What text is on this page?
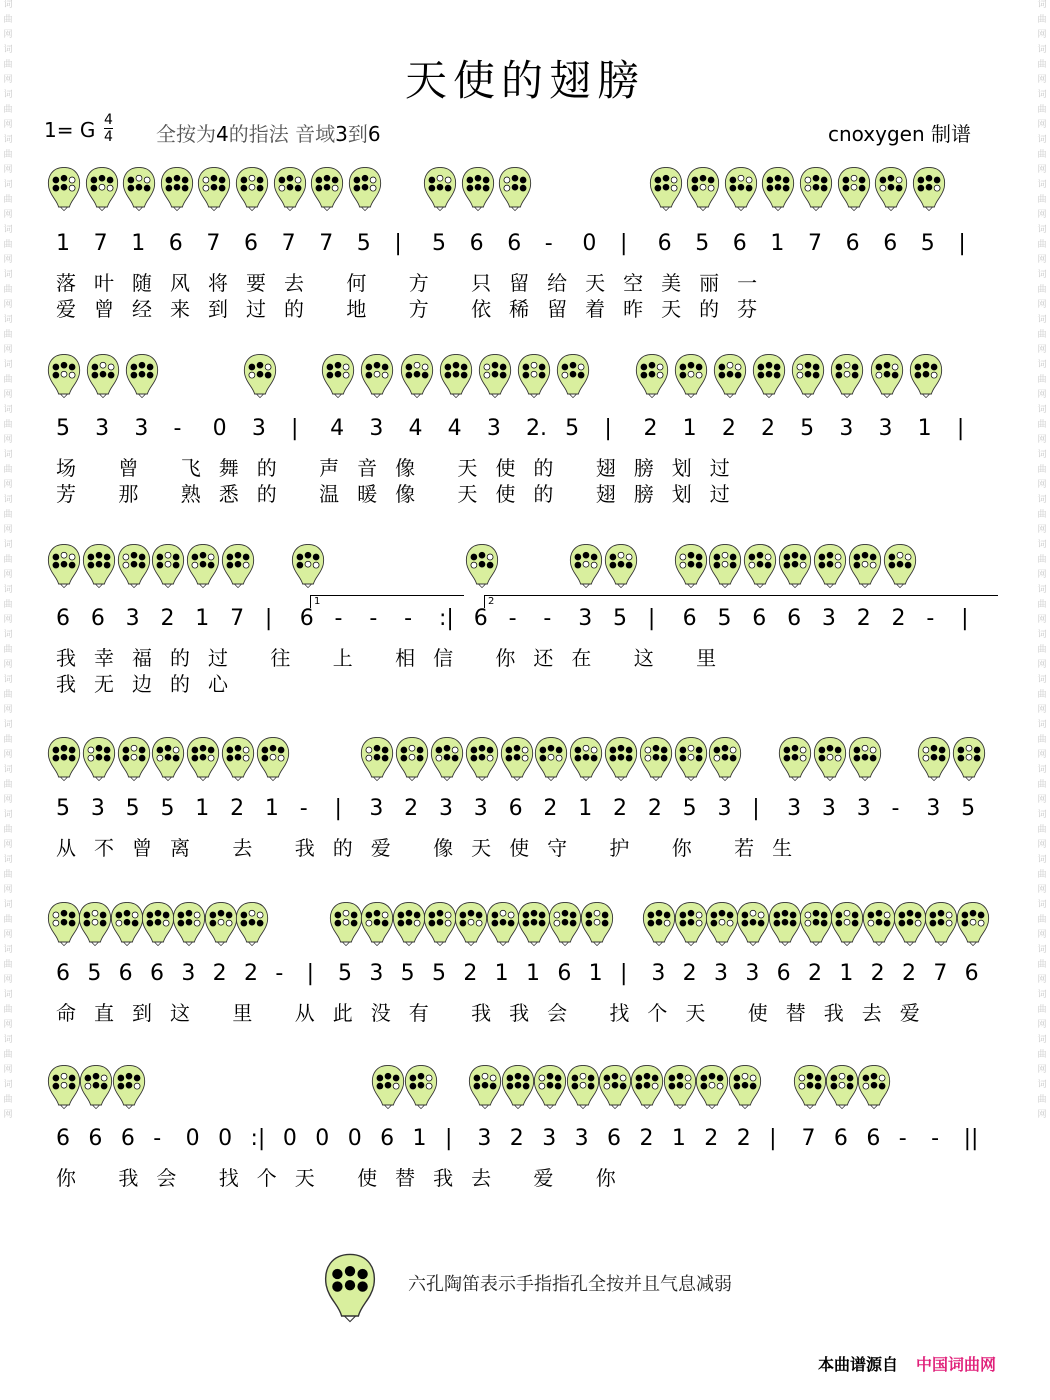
词
曲
网
词
曲
网
词
曲
网
词
曲
网
词
曲
网
词
曲
网
词
曲
网
词
曲
网
词
曲
网
词
曲
网
词
曲
网
词
曲
网
词
曲
网
词
曲
网
词
曲
网
词
曲
网
词
曲
网
词
曲
网
词
曲
网
词
曲
网
词
曲
网
词
曲
网
词
曲
网
词
曲
网
词
曲
网
词
曲
网
词
曲
网
词
曲
网
词
曲
网
词
曲
网
词
曲
网
词
曲
网
词
曲
网
词
曲
网
词
曲
网
词
曲
网
词
曲
网
词
曲
网
词
曲
网
词
曲
网
词
曲
网
词
曲
网
词
曲
网
词
曲
网
词
曲
网
词
曲
网
词
曲
网
词
曲
网
词
曲
网
词
曲
网
天使的翅膀
1= G 4
4 全按为4的指法 音域3到6	cnoxygen 制谱
1 7 1 6 7 6 7 7 5 | 5 6 6 - 0 | 6 5 6 1 7 6 6 5 |
落叶随风将要去 何 方 只留给天空美丽一
爱曾经来到过的 地 方 依稀留着昨天的芬
5 3 3 - 0 3 | 4 3 4 4 3 2. 5 | 2 1 2 2 5 3 3 1 |
场 曾 飞舞的 声音像 天使的 翅膀划过
芳 那 熟悉的 温暖像 天使的 翅膀划过
6 6 3 2 1 7 | 6 - - - :| 6 - - 3 5 | 6 5 6 6 3 2 2 - |
我幸福的过 往 上 相信 你还在 这 里
我无边的心
5 3 5 5 1 2 1 - | 3 2 3 3 6 2 1 2 2 5 3 | 3 3 3 - 3 5
从不曾离 去 我的爱 像天使守 护 你 若生
6 5 6 6 3 2 2 - | 5 3 5 5 2 1 1 6 1 | 3 2 3 3 6 2 1 2 2 7 6
命直到这 里 从此没有 我我会 找个天 使替我去爱
6 6 6 - 0 0 :| 0 0 0 6 1 | 3 2 3 3 6 2 1 2 2 | 7 6 6 - - ||
你 我会 找个天 使替我去 爱 你
1	2
六孔陶笛表示手指指孔全按并且气息减弱
本曲谱源自 中国词曲网
